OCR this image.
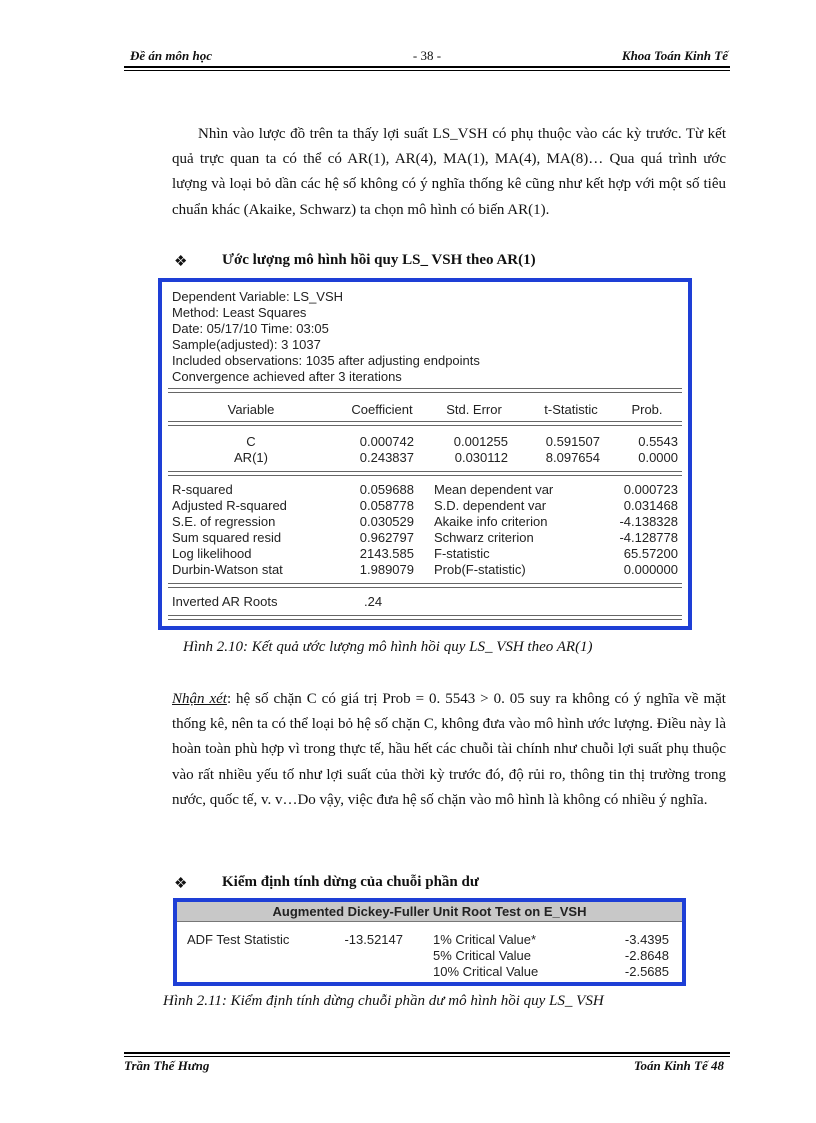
Đề án môn học	- 38 -	Khoa Toán Kinh Tế

Nhìn vào lược đồ trên ta thấy lợi suất LS_VSH có phụ thuộc vào các kỳ trước. Từ kết quả trực quan ta có thể có AR(1), AR(4), MA(1), MA(4), MA(8)… Qua quá trình ước lượng và loại bỏ dần các hệ số không có ý nghĩa thống kê cũng như kết hợp với một số tiêu chuẩn khác (Akaike, Schwarz) ta chọn mô hình có biến AR(1).

❖ Ước lượng mô hình hồi quy LS_ VSH theo AR(1)
Dependent Variable: LS_VSH
Method: Least Squares
Date: 05/17/10 Time: 03:05
Sample(adjusted): 3 1037
Included observations: 1035 after adjusting endpoints
Convergence achieved after 3 iterations
Variable	Coefficient	Std. Error	t-Statistic	Prob.
C	0.000742	0.001255	0.591507	0.5543
AR(1)	0.243837	0.030112	8.097654	0.0000
R-squared	0.059688 Mean dependent var	0.000723
Adjusted R-squared	0.058778 S.D. dependent var	0.031468
S.E. of regression	0.030529 Akaike info criterion	-4.138328
Sum squared resid	0.962797 Schwarz criterion	-4.128778
Log likelihood	2143.585 F-statistic	65.57200
Durbin-Watson stat	1.989079 Prob(F-statistic)	0.000000
Inverted AR Roots	.24
Hình 2.10: Kết quả ước lượng mô hình hồi quy LS_ VSH theo AR(1)

Nhận xét: hệ số chặn C có giá trị Prob = 0. 5543 > 0. 05 suy ra không có ý nghĩa về mặt thống kê, nên ta có thể loại bỏ hệ số chặn C, không đưa vào mô hình ước lượng. Điều này là hoàn toàn phù hợp vì trong thực tế, hầu hết các chuỗi tài chính như chuỗi lợi suất phụ thuộc vào rất nhiều yếu tố như lợi suất của thời kỳ trước đó, độ rủi ro, thông tin thị trường trong nước, quốc tế, v. v…Do vậy, việc đưa hệ số chặn vào mô hình là không có nhiều ý nghĩa.

❖ Kiểm định tính dừng của chuỗi phần dư
Augmented Dickey-Fuller Unit Root Test on E_VSH
ADF Test Statistic	-13.52147 1% Critical Value*	-3.4395
5% Critical Value	-2.8648
10% Critical Value	-2.5685
Hình 2.11: Kiểm định tính dừng chuỗi phần dư mô hình hồi quy LS_ VSH
Trần Thế Hưng	Toán Kinh Tế 48
